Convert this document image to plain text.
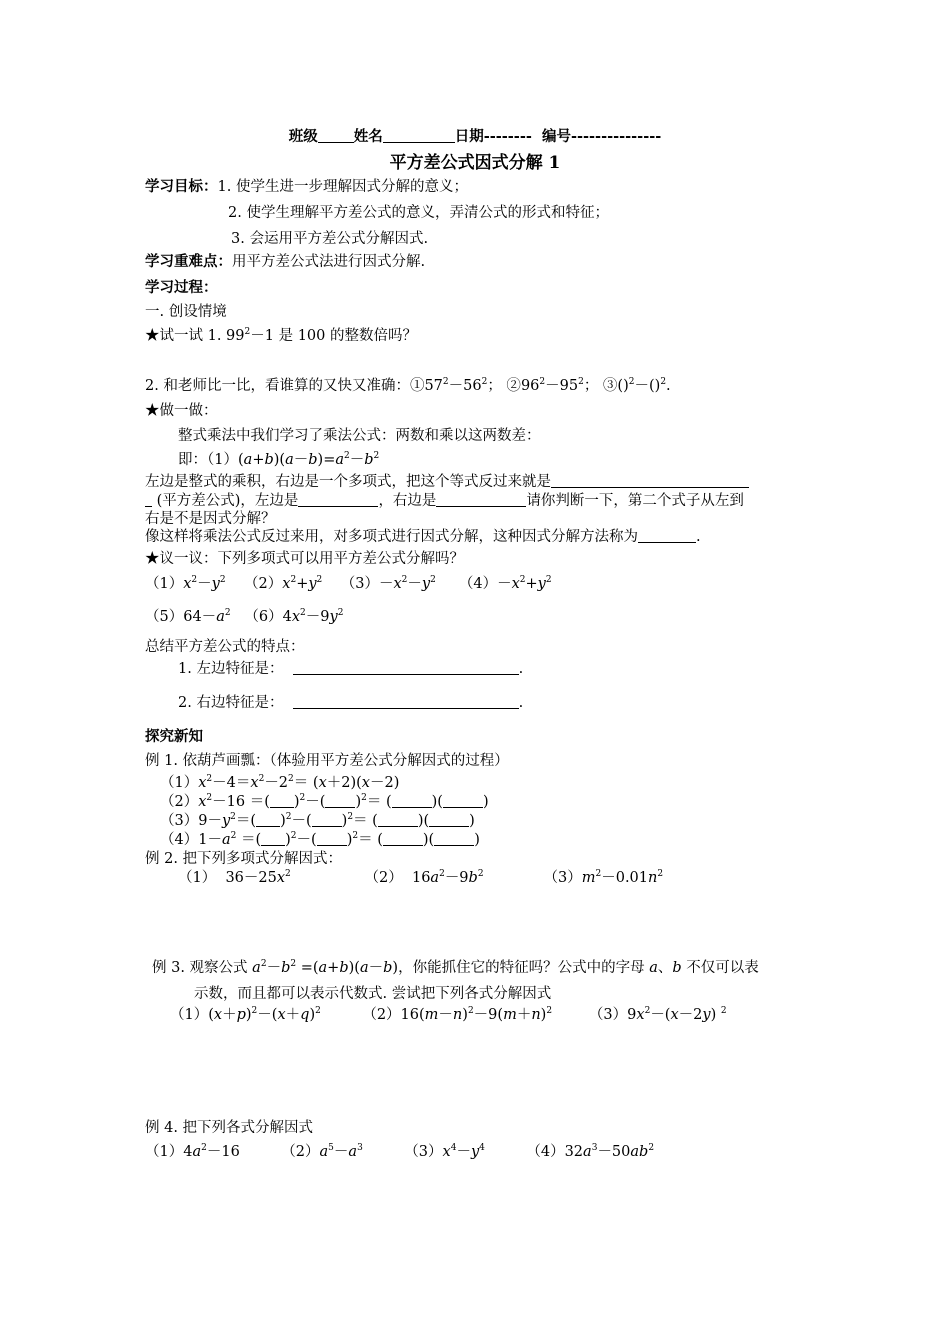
班级 姓名	日期-------- 编号---------------
平方差公式因式分解 1
学习目标：1. 使学生进一步理解因式分解的意义；
2. 使学生理解平方差公式的意义，弄清公式的形式和特征；
3. 会运用平方差公式分解因式.
学习重难点：用平方差公式法进行因式分解.
学习过程：
一. 创设情境
★试一试 1. $99^2-1$ 是 100 的整数倍吗？
2. 和老师比一比，看谁算的又快又准确：$①57^2-56^2$； $②96^2-95^2$； ③()$^2$－()$^2$.
★做一做：
整式乘法中我们学习了乘法公式：两数和乘以这两数差：
即：$(1)(a+b)(a-b)=a^2-b^2$
左边是整式的乘积，右边是一个多项式，把这个等式反过来就是
(平方差公式)，左边是	，右边是	请你判断一下，第二个式子从左到
右是不是因式分解？
像这样将乘法公式反过来用，对多项式进行因式分解，这种因式分解方法称为	.
★议一议：下列多项式可以用平方差公式分解吗？
$(1)x^2-y^2$    $(2)x^2+y^2$    $(3)-x^2-y^2$     $(4)-x^2+y^2$
$(5)64-a^2$   $(6)4x^2-9y^2$
总结平方差公式的特点：
1. 左边特征是：	.
2. 右边特征是：	.
探究新知
例 1. 依葫芦画瓢：（体验用平方差公式分解因式的过程）
$(1)x^2-4=x^2-2^2= (x+2)(x-2)$
$(2)x^2-16$ ＝( )$^2$－( )$^2$＝ (	)(	)
$(3)9-y^2=$( )$^2$－( )$^2$＝ (	)(	)
$(4)1-a^2$ ＝( )$^2$－( )$^2$＝ (	)(	)
例 2. 把下列多项式分解因式：
（1）  $36-25x^2$                （2）  $16a^2-9b^2$             $(3)m^2-0.01n^2$
例 3. 观察公式 $a^2-b^2 =(a+b)(a-b)$，你能抓住它的特征吗？公式中的字母 a、b 不仅可以表
示数，而且都可以表示代数式. 尝试把下列各式分解因式
$(1)(x+p)^2-(x+q)^2$         $(2)16(m-n)^2-9(m+n)^2$        $(3)9x^2-(x-2y)$ $^2$
例 4. 把下列各式分解因式
$(1)4a^2-16$         $(2)a^5-a^3$         $(3)x^4-y^4$         $(4)32a^3-50ab^2$
